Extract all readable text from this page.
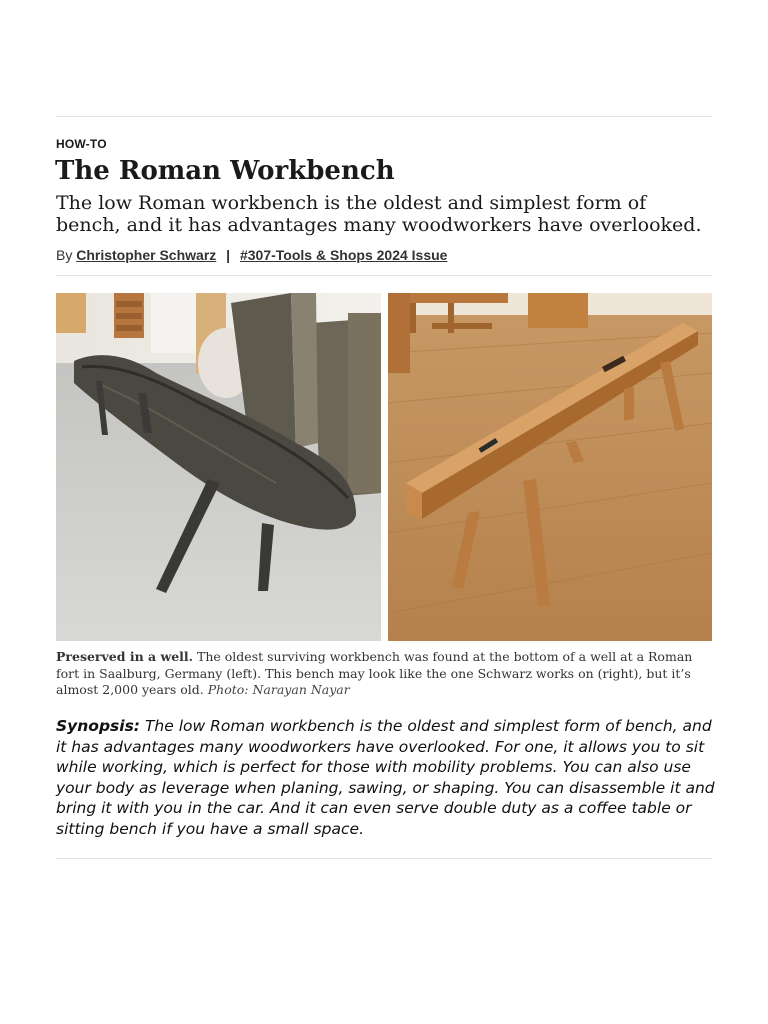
HOW-TO
The Roman Workbench

The low Roman workbench is the oldest and simplest form of bench, and it has advantages many woodworkers have overlooked.

By Christopher Schwarz | #307-Tools & Shops 2024 Issue

Preserved in a well. The oldest surviving workbench was found at the bottom of a well at a Roman fort in Saalburg, Germany (left). This bench may look like the one Schwarz works on (right), but it’s almost 2,000 years old. Photo: Narayan Nayar

Synopsis: The low Roman workbench is the oldest and simplest form of bench, and it has advantages many woodworkers have overlooked. For one, it allows you to sit while working, which is perfect for those with mobility problems. You can also use your body as leverage when planing, sawing, or shaping. You can disassemble it and bring it with you in the car. And it can even serve double duty as a coffee table or sitting bench if you have a small space.
